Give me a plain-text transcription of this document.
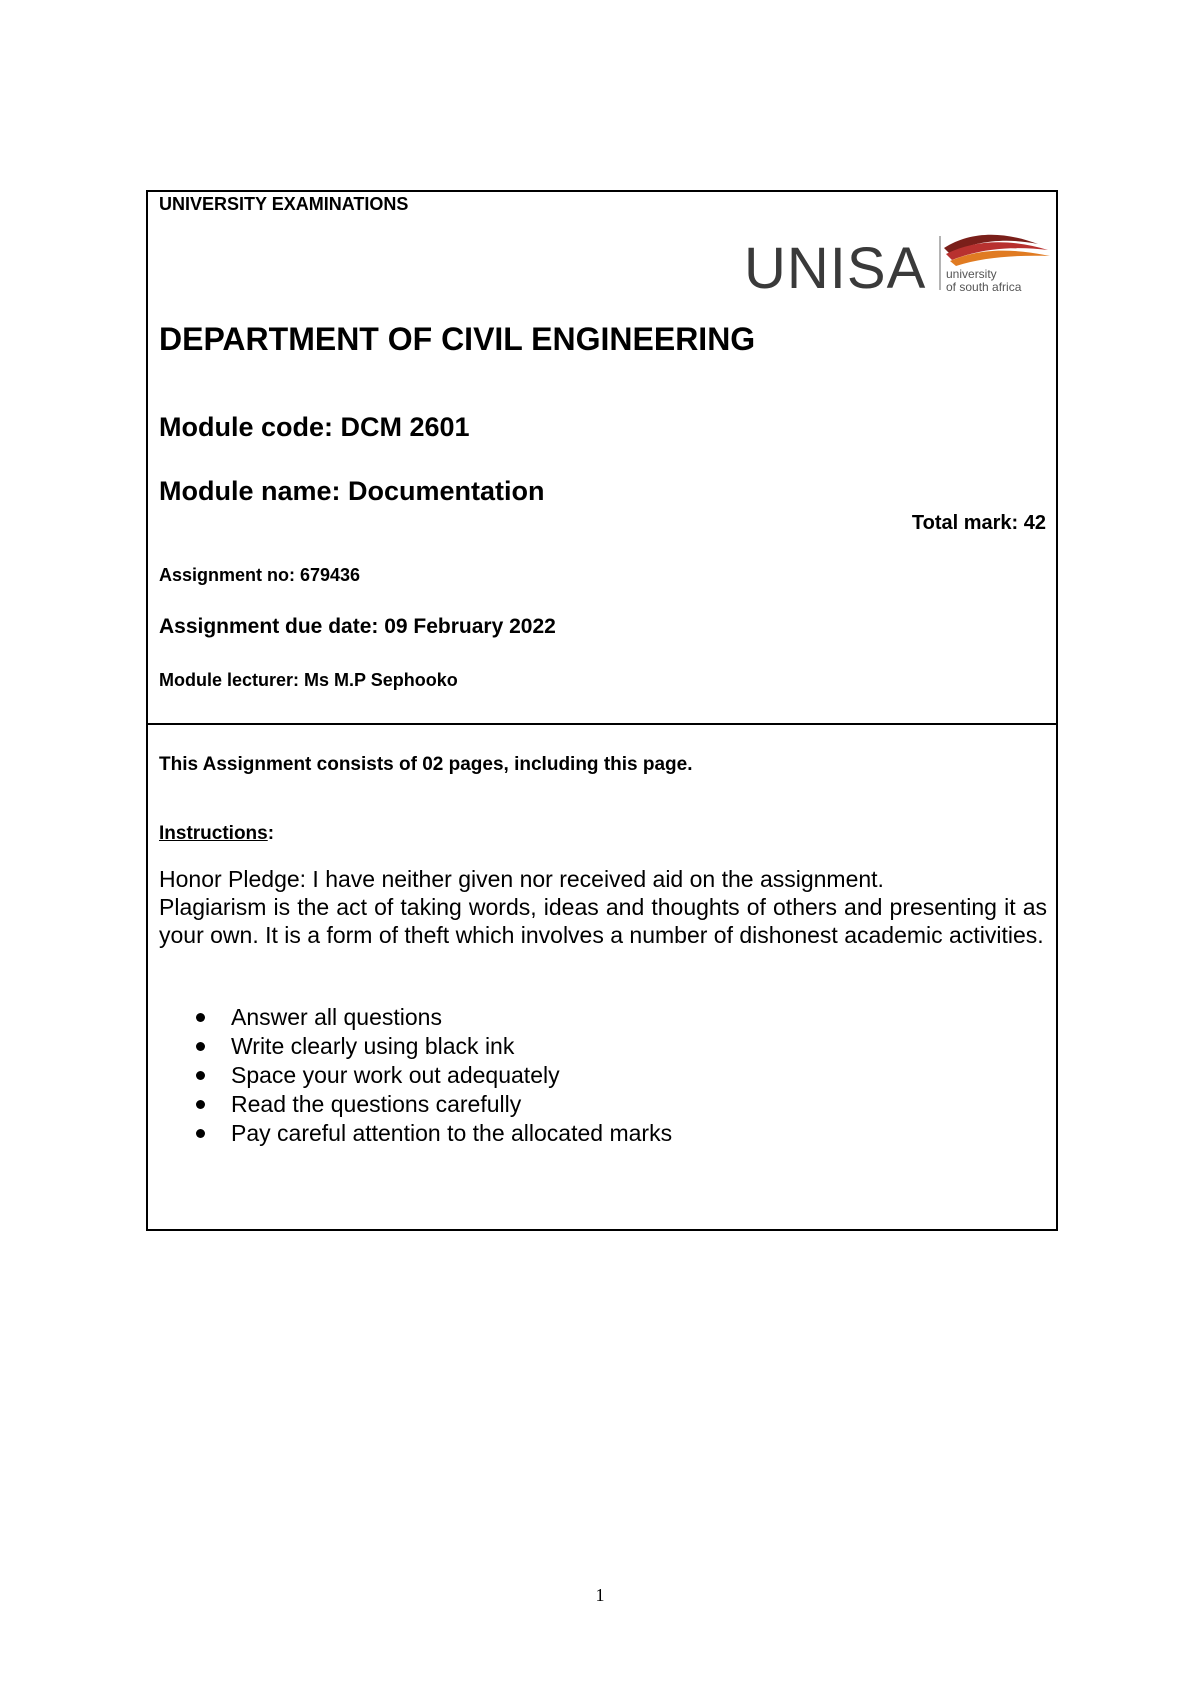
UNIVERSITY EXAMINATIONS
UNISA university
of south africa
DEPARTMENT OF CIVIL ENGINEERING
Module code: DCM 2601
Module name: Documentation
Total mark: 42
Assignment no: 679436
Assignment due date: 09 February 2022
Module lecturer: Ms M.P Sephooko
This Assignment consists of 02 pages, including this page.
Instructions:

Honor Pledge: I have neither given nor received aid on the assignment.

Plagiarism is the act of taking words, ideas and thoughts of others and presenting it as your own. It is a form of theft which involves a number of dishonest academic activities.

Answer all questions
Write clearly using black ink
Space your work out adequately
Read the questions carefully
Pay careful attention to the allocated marks
1
